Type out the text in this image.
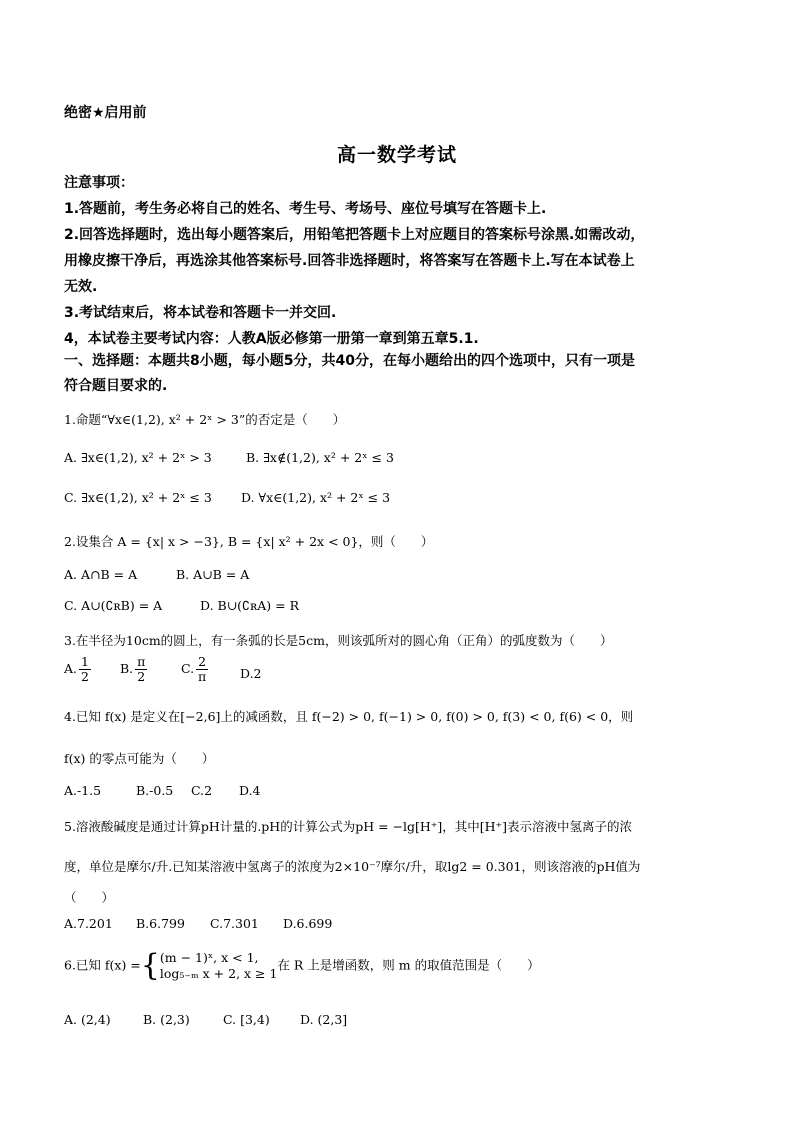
绝密★启用前
高一数学考试
注意事项：
1.答题前，考生务必将自己的姓名、考生号、考场号、座位号填写在答题卡上.
2.回答选择题时，选出每小题答案后，用铅笔把答题卡上对应题目的答案标号涂黑.如需改动，
用橡皮擦干净后，再选涂其他答案标号.回答非选择题时，将答案写在答题卡上.写在本试卷上
无效.
3.考试结束后，将本试卷和答题卡一并交回.
4，本试卷主要考试内容：人教A版必修第一册第一章到第五章5.1.
一、选择题：本题共8小题，每小题5分，共40分，在每小题给出的四个选项中，只有一项是
符合题目要求的.
1.命题“∀x∈(1,2), x² + 2ˣ > 3”的否定是（　　）
A. ∃x∈(1,2), x² + 2ˣ > 3	B. ∃x∉(1,2), x² + 2ˣ ≤ 3
C. ∃x∈(1,2), x² + 2ˣ ≤ 3 D. ∀x∈(1,2), x² + 2ˣ ≤ 3
2.设集合 A = {x| x > −3}, B = {x| x² + 2x < 0}，则（　　）
A. A∩B = A	B. A∪B = A
C. A∪(∁ʀB) = A	D. B∪(∁ʀA) = R
3.在半径为10cm的圆上，有一条弧的长是5cm，则该弧所对的圆心角（正角）的弧度数为（　　）
A. $\frac{1}{2} B$. $\frac{\pi}{2}$	C. $\frac{2}{\pi}$	D.2
4.已知 f(x) 是定义在[−2,6]上的减函数，且 f(−2) > 0, f(−1) > 0, f(0) > 0, f(3) < 0, f(6) < 0，则
f(x) 的零点可能为（　　）
A.-1.5	B.-0.5 C.2 D.4
5.溶液酸碱度是通过计算pH计量的.pH的计算公式为pH = −lg[H⁺]，其中[H⁺]表示溶液中氢离子的浓
度，单位是摩尔/升.已知某溶液中氢离子的浓度为2×10⁻⁷摩尔/升，取lg2 = 0.301，则该溶液的pH值为
（　　）
A.7.201 B.6.799 C.7.301 D.6.699
6.已知 f(x) ={ (m − 1)ˣ, x < 1,
log₅₋ₘ x + 2, x ≥ 1
在 R 上是增函数，则 m 的取值范围是（　　）
A. (2,4)	B. (2,3)	C. [3,4) D. (2,3]
